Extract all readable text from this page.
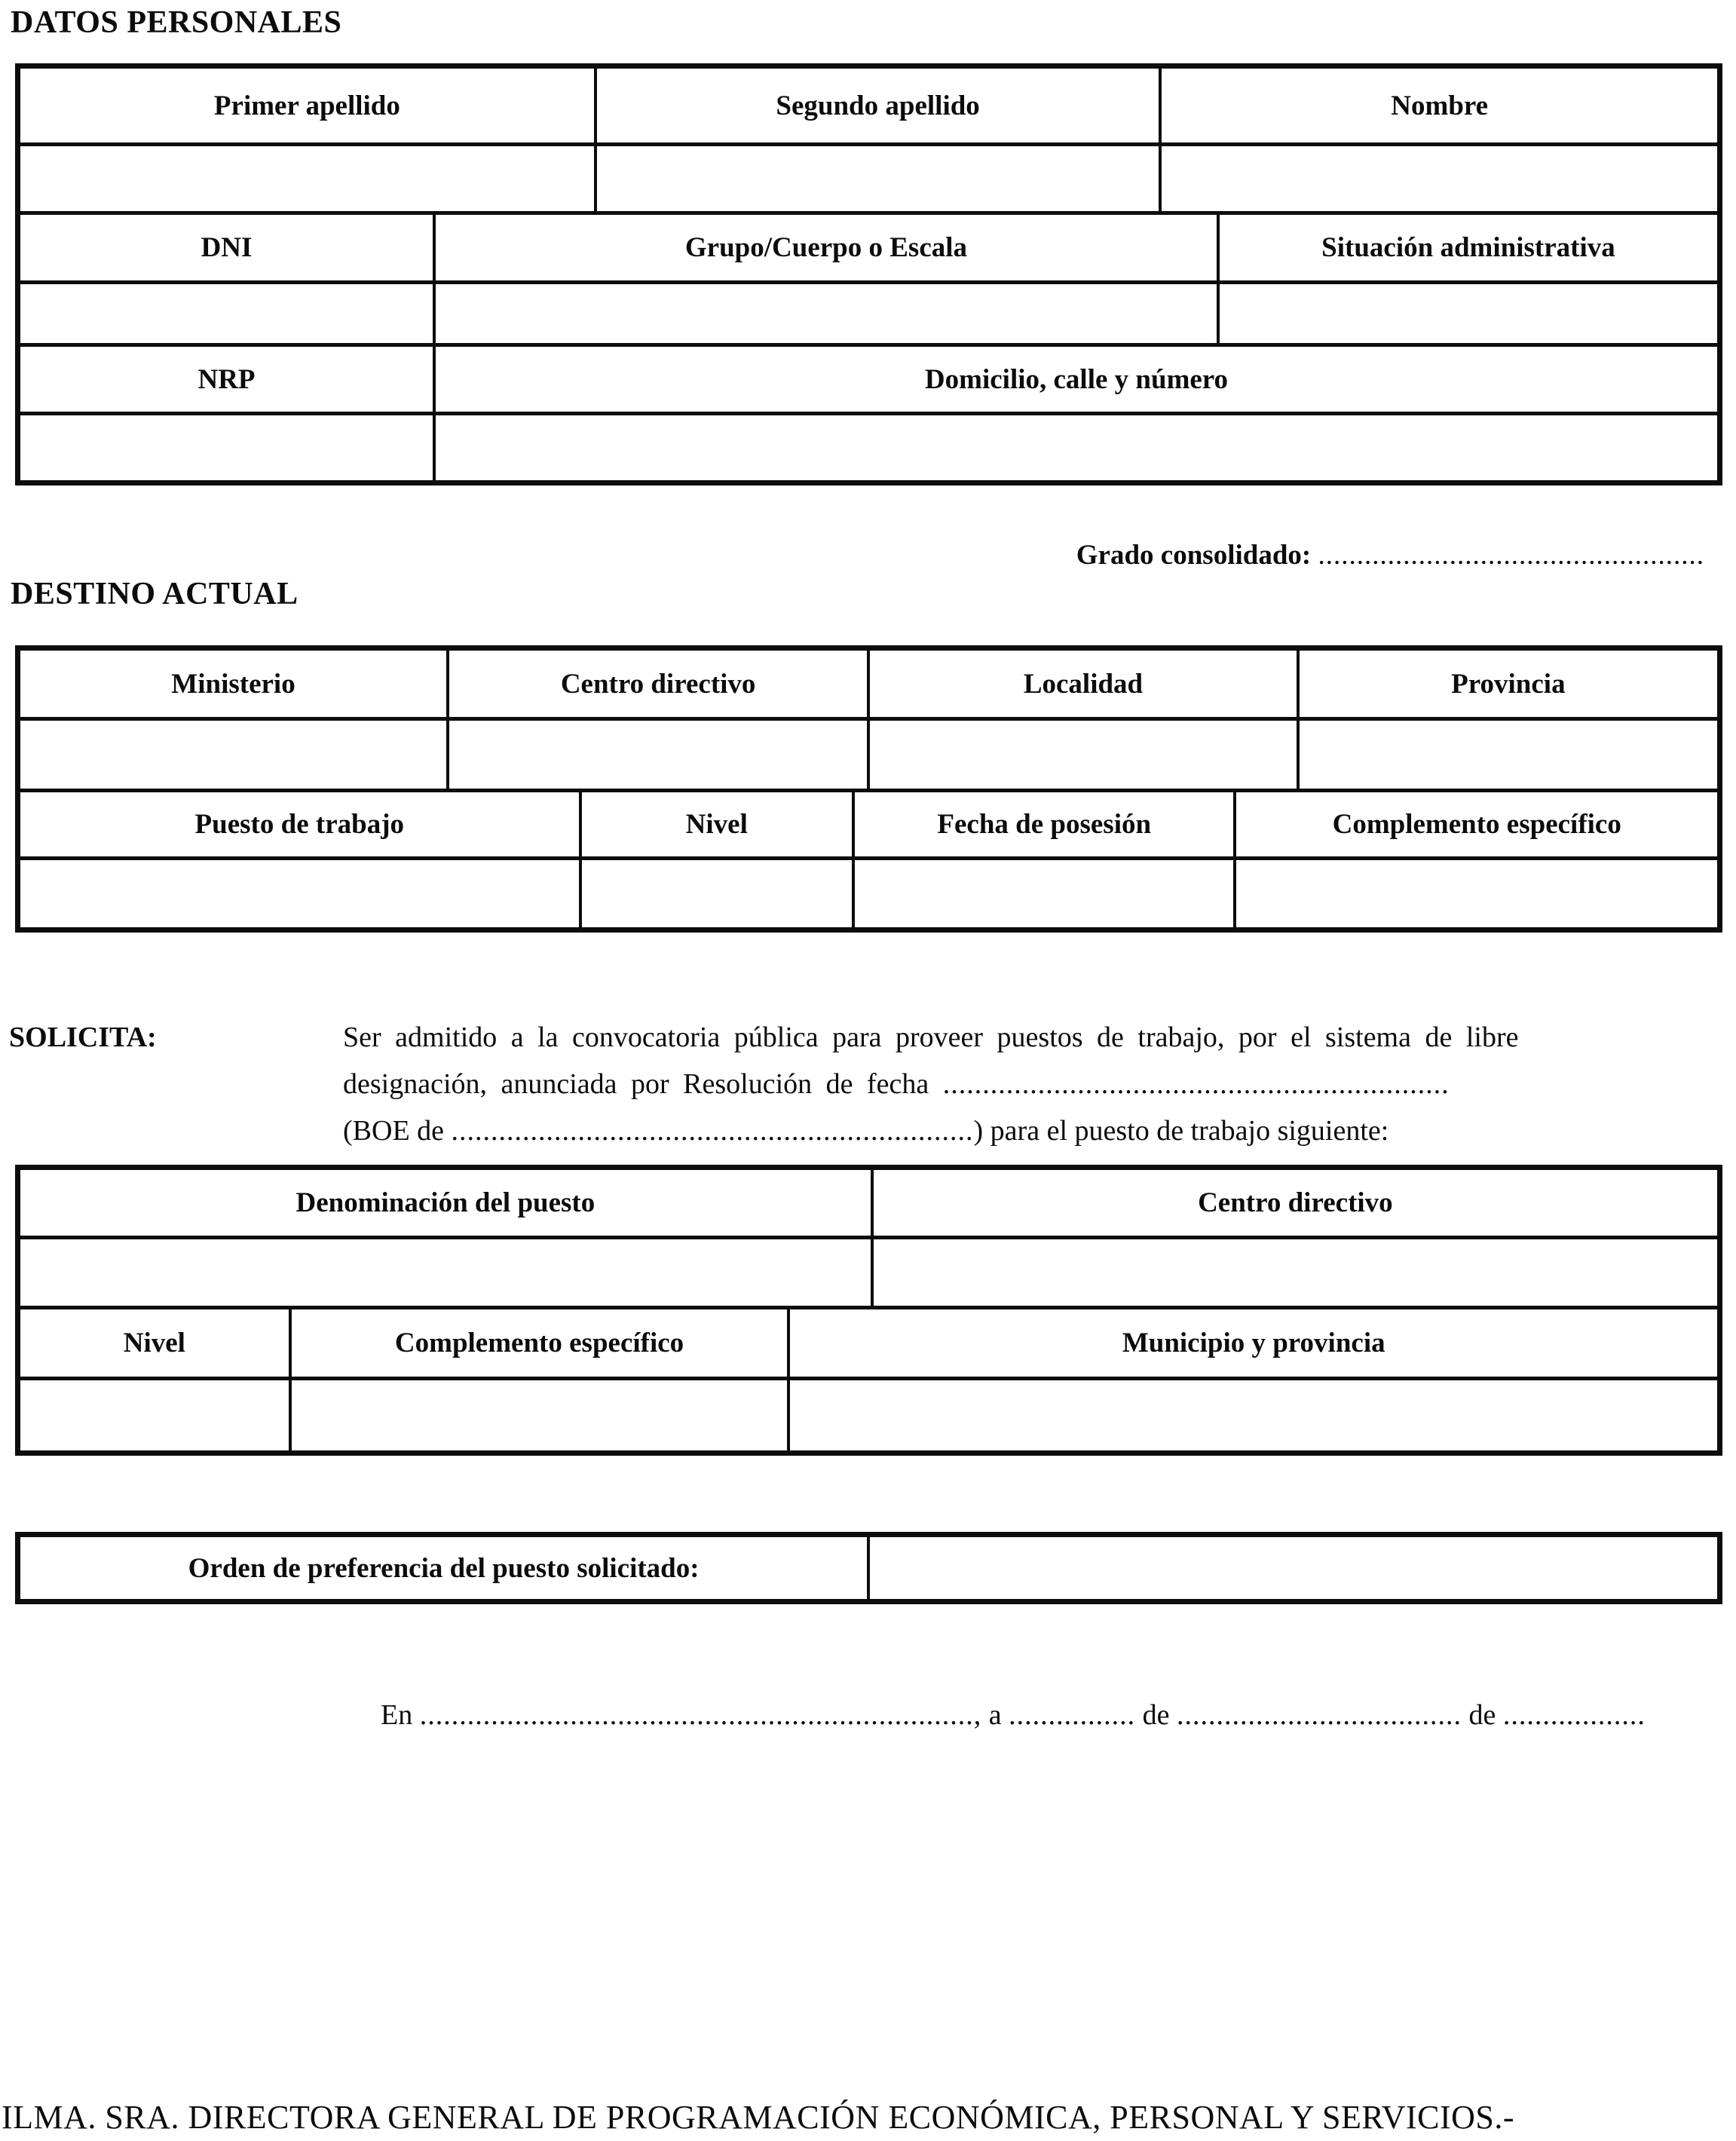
DATOS PERSONALES
Primer apellido	Segundo apellido	Nombre
DNI	Grupo/Cuerpo o Escala	Situación administrativa
NRP	Domicilio, calle y número
Grado consolidado: ..................................................
DESTINO ACTUAL
Ministerio	Centro directivo	Localidad	Provincia
Puesto de trabajo	Nivel	Fecha de posesión	Complemento específico
SOLICITA:	Ser admitido a la convocatoria pública para proveer puestos de trabajo, por el sistema de libre
designación, anunciada por Resolución de fecha ................................................................
(BOE de ..................................................................) para el puesto de trabajo siguiente:
Denominación del puesto	Centro directivo
Nivel	Complemento específico	Municipio y provincia
Orden de preferencia del puesto solicitado:
En ......................................................................, a ................ de .................................... de ..................
ILMA. SRA. DIRECTORA GENERAL DE PROGRAMACIÓN ECONÓMICA, PERSONAL Y SERVICIOS.-
